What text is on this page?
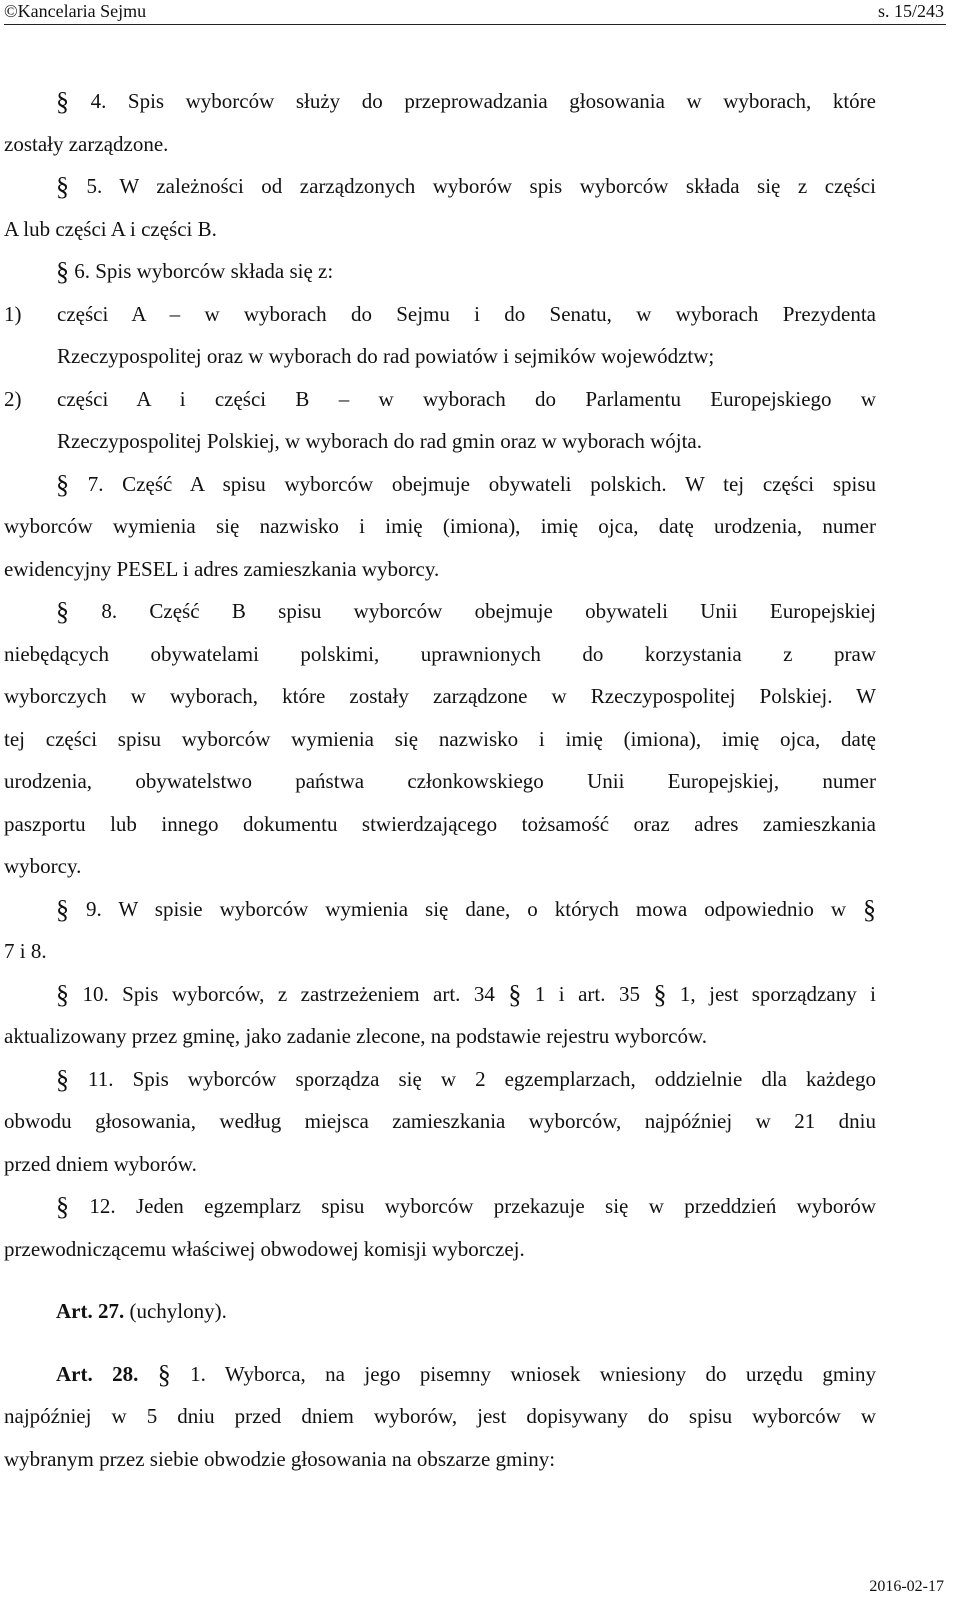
©Kancelaria Sejmu	s. 15/243
§ 4. Spis wyborców służy do przeprowadzania głosowania w wyborach, które
zostały zarządzone.
§ 5. W zależności od zarządzonych wyborów spis wyborców składa się z części
A lub części A i części B.
§ 6. Spis wyborców składa się z:
1) części A – w wyborach do Sejmu i do Senatu, w wyborach Prezydenta
Rzeczypospolitej oraz w wyborach do rad powiatów i sejmików województw;
2) części A i części B – w wyborach do Parlamentu Europejskiego w
Rzeczypospolitej Polskiej, w wyborach do rad gmin oraz w wyborach wójta.
§ 7. Część A spisu wyborców obejmuje obywateli polskich. W tej części spisu
wyborców wymienia się nazwisko i imię (imiona), imię ojca, datę urodzenia, numer
ewidencyjny PESEL i adres zamieszkania wyborcy.
§ 8. Część B spisu wyborców obejmuje obywateli Unii Europejskiej
niebędących obywatelami polskimi, uprawnionych do korzystania z praw
wyborczych w wyborach, które zostały zarządzone w Rzeczypospolitej Polskiej. W
tej części spisu wyborców wymienia się nazwisko i imię (imiona), imię ojca, datę
urodzenia, obywatelstwo państwa członkowskiego Unii Europejskiej, numer
paszportu lub innego dokumentu stwierdzającego tożsamość oraz adres zamieszkania
wyborcy.
§ 9. W spisie wyborców wymienia się dane, o których mowa odpowiednio w §
7 i 8.
§ 10. Spis wyborców, z zastrzeżeniem art. 34 § 1 i art. 35 § 1, jest sporządzany i
aktualizowany przez gminę, jako zadanie zlecone, na podstawie rejestru wyborców.
§ 11. Spis wyborców sporządza się w 2 egzemplarzach, oddzielnie dla każdego
obwodu głosowania, według miejsca zamieszkania wyborców, najpóźniej w 21 dniu
przed dniem wyborów.
§ 12. Jeden egzemplarz spisu wyborców przekazuje się w przeddzień wyborów
przewodniczącemu właściwej obwodowej komisji wyborczej.
Art. 27. (uchylony).
Art. 28. § 1. Wyborca, na jego pisemny wniosek wniesiony do urzędu gminy
najpóźniej w 5 dniu przed dniem wyborów, jest dopisywany do spisu wyborców w
wybranym przez siebie obwodzie głosowania na obszarze gminy:
2016-02-17
